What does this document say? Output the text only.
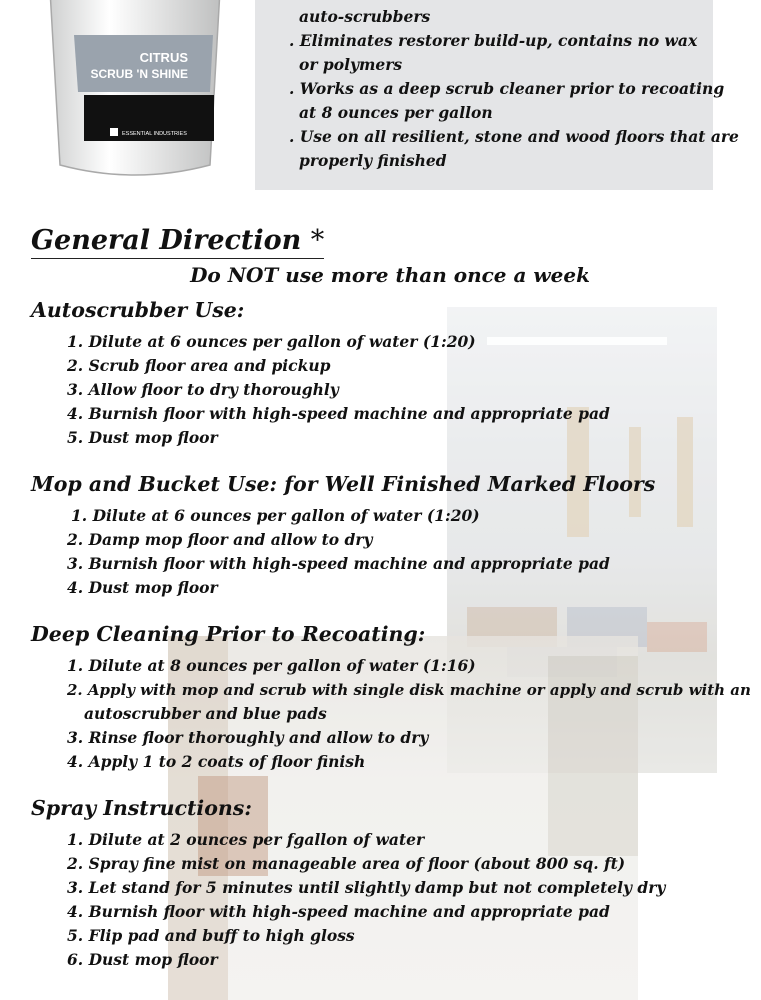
CITRUS
SCRUB 'N SHINE
ESSENTIAL INDUSTRIES
auto-scrubbers
. Eliminates restorer build-up, contains no wax
or polymers
. Works as a deep scrub cleaner prior to recoating
at 8 ounces per gallon
. Use on all resilient, stone and wood floors that are
properly finished
General Direction *
Do NOT use more than once a week
Autoscrubber Use:
1. Dilute at 6 ounces per gallon of water (1:20)
2. Scrub floor area and pickup
3. Allow floor to dry thoroughly
4. Burnish floor with high-speed machine and appropriate pad
5. Dust mop floor
Mop and Bucket Use: for Well Finished Marked Floors
1. Dilute at 6 ounces per gallon of water (1:20)
2. Damp mop floor and allow to dry
3. Burnish floor with high-speed machine and appropriate pad
4. Dust mop floor
Deep Cleaning Prior to Recoating:
1. Dilute at 8 ounces per gallon of water (1:16)
2. Apply with mop and scrub with single disk machine or apply and scrub with an
autoscrubber and blue pads
3. Rinse floor thoroughly and allow to dry
4. Apply 1 to 2 coats of floor finish
Spray Instructions:
1. Dilute at 2 ounces per fgallon of water
2. Spray fine mist on manageable area of floor (about 800 sq. ft)
3. Let stand for 5 minutes until slightly damp but not completely dry
4. Burnish floor with high-speed machine and appropriate pad
5. Flip pad and buff to high gloss
6. Dust mop floor
